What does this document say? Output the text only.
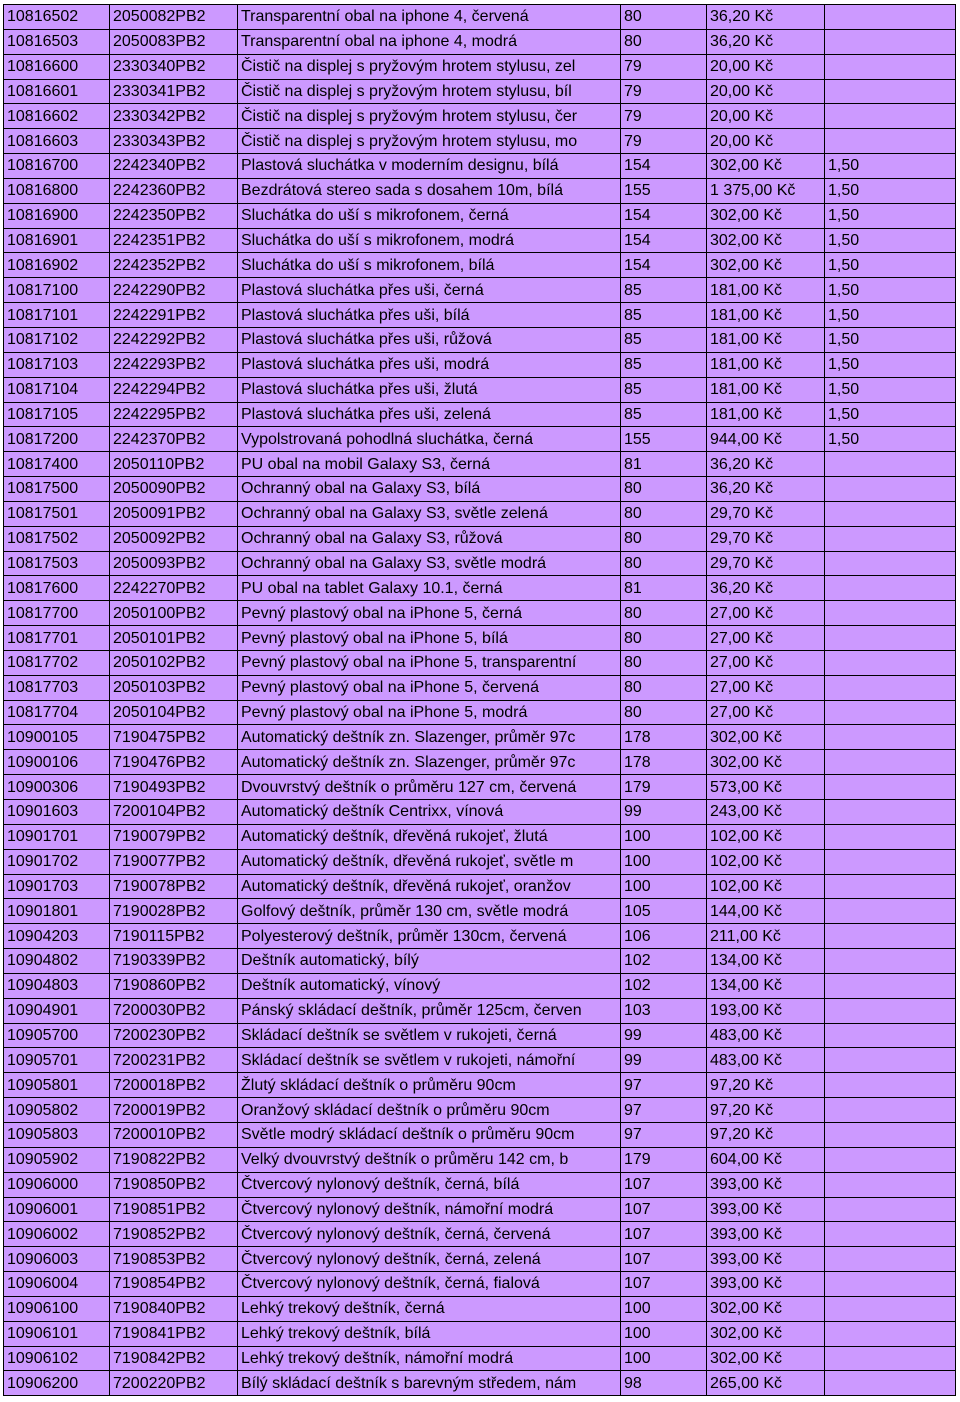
10816502	2050082PB2	Transparentní obal na iphone 4, červená	80	36,20 Kč	
10816503	2050083PB2	Transparentní obal na iphone 4, modrá	80	36,20 Kč	
10816600	2330340PB2	Čistič na displej s pryžovým hrotem stylusu, zel	79	20,00 Kč	
10816601	2330341PB2	Čistič na displej s pryžovým hrotem stylusu, bíl	79	20,00 Kč	
10816602	2330342PB2	Čistič na displej s pryžovým hrotem stylusu, čer	79	20,00 Kč	
10816603	2330343PB2	Čistič na displej s pryžovým hrotem stylusu, mo	79	20,00 Kč	
10816700	2242340PB2	Plastová sluchátka v moderním designu, bílá	154	302,00 Kč	1,50
10816800	2242360PB2	Bezdrátová stereo sada s dosahem 10m, bílá	155	1 375,00 Kč	1,50
10816900	2242350PB2	Sluchátka do uší s mikrofonem, černá	154	302,00 Kč	1,50
10816901	2242351PB2	Sluchátka do uší s mikrofonem, modrá	154	302,00 Kč	1,50
10816902	2242352PB2	Sluchátka do uší s mikrofonem, bílá	154	302,00 Kč	1,50
10817100	2242290PB2	Plastová sluchátka přes uši, černá	85	181,00 Kč	1,50
10817101	2242291PB2	Plastová sluchátka přes uši, bílá	85	181,00 Kč	1,50
10817102	2242292PB2	Plastová sluchátka přes uši, růžová	85	181,00 Kč	1,50
10817103	2242293PB2	Plastová sluchátka přes uši, modrá	85	181,00 Kč	1,50
10817104	2242294PB2	Plastová sluchátka přes uši, žlutá	85	181,00 Kč	1,50
10817105	2242295PB2	Plastová sluchátka přes uši, zelená	85	181,00 Kč	1,50
10817200	2242370PB2	Vypolstrovaná pohodlná sluchátka, černá	155	944,00 Kč	1,50
10817400	2050110PB2	PU obal na mobil Galaxy S3, černá	81	36,20 Kč	
10817500	2050090PB2	Ochranný obal na Galaxy S3, bílá	80	36,20 Kč	
10817501	2050091PB2	Ochranný obal na Galaxy S3, světle zelená	80	29,70 Kč	
10817502	2050092PB2	Ochranný obal na Galaxy S3, růžová	80	29,70 Kč	
10817503	2050093PB2	Ochranný obal na Galaxy S3, světle modrá	80	29,70 Kč	
10817600	2242270PB2	PU obal na tablet Galaxy 10.1, černá	81	36,20 Kč	
10817700	2050100PB2	Pevný plastový obal na iPhone 5, černá	80	27,00 Kč	
10817701	2050101PB2	Pevný plastový obal na iPhone 5, bílá	80	27,00 Kč	
10817702	2050102PB2	Pevný plastový obal na iPhone 5, transparentní	80	27,00 Kč	
10817703	2050103PB2	Pevný plastový obal na iPhone 5, červená	80	27,00 Kč	
10817704	2050104PB2	Pevný plastový obal na iPhone 5, modrá	80	27,00 Kč	
10900105	7190475PB2	Automatický deštník zn. Slazenger, průměr 97c	178	302,00 Kč	
10900106	7190476PB2	Automatický deštník zn. Slazenger, průměr 97c	178	302,00 Kč	
10900306	7190493PB2	Dvouvrstvý deštník o průměru 127 cm, červená	179	573,00 Kč	
10901603	7200104PB2	Automatický deštník Centrixx, vínová	99	243,00 Kč	
10901701	7190079PB2	Automatický deštník, dřevěná rukojeť, žlutá	100	102,00 Kč	
10901702	7190077PB2	Automatický deštník, dřevěná rukojeť, světle m	100	102,00 Kč	
10901703	7190078PB2	Automatický deštník, dřevěná rukojeť, oranžov	100	102,00 Kč	
10901801	7190028PB2	Golfový deštník, průměr 130 cm, světle modrá	105	144,00 Kč	
10904203	7190115PB2	Polyesterový deštník, průměr 130cm, červená	106	211,00 Kč	
10904802	7190339PB2	Deštník automatický, bílý	102	134,00 Kč	
10904803	7190860PB2	Deštník automatický, vínový	102	134,00 Kč	
10904901	7200030PB2	Pánský skládací deštník, průměr 125cm, červen	103	193,00 Kč	
10905700	7200230PB2	Skládací deštník se světlem v rukojeti, černá	99	483,00 Kč	
10905701	7200231PB2	Skládací deštník se světlem v rukojeti, námořní	99	483,00 Kč	
10905801	7200018PB2	Žlutý skládací deštník o průměru 90cm	97	97,20 Kč	
10905802	7200019PB2	Oranžový skládací deštník o průměru 90cm	97	97,20 Kč	
10905803	7200010PB2	Světle modrý skládací deštník o průměru 90cm	97	97,20 Kč	
10905902	7190822PB2	Velký dvouvrstvý deštník o průměru 142 cm, b	179	604,00 Kč	
10906000	7190850PB2	Čtvercový nylonový deštník, černá, bílá	107	393,00 Kč	
10906001	7190851PB2	Čtvercový nylonový deštník, námořní modrá	107	393,00 Kč	
10906002	7190852PB2	Čtvercový nylonový deštník, černá, červená	107	393,00 Kč	
10906003	7190853PB2	Čtvercový nylonový deštník, černá, zelená	107	393,00 Kč	
10906004	7190854PB2	Čtvercový nylonový deštník, černá, fialová	107	393,00 Kč	
10906100	7190840PB2	Lehký trekový deštník, černá	100	302,00 Kč	
10906101	7190841PB2	Lehký trekový deštník, bílá	100	302,00 Kč	
10906102	7190842PB2	Lehký trekový deštník, námořní modrá	100	302,00 Kč	
10906200	7200220PB2	Bílý skládací deštník s barevným středem, nám	98	265,00 Kč	
